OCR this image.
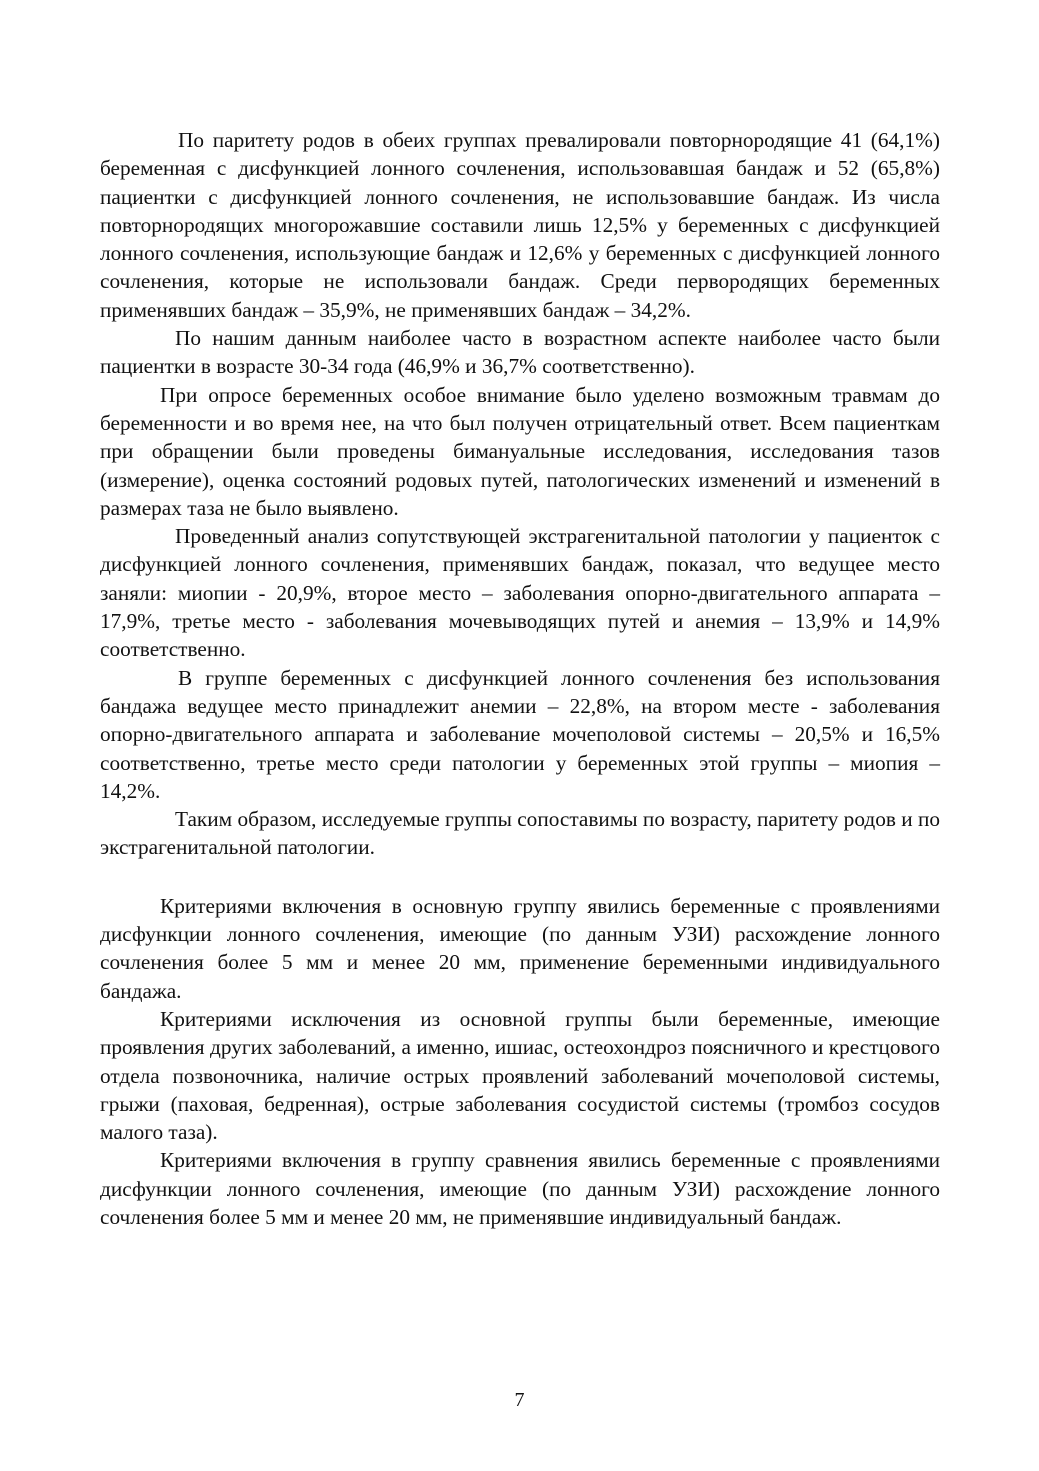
По паритету родов в обеих группах превалировали повторнородящие 41 (64,1%) беременная с дисфункцией лонного сочленения, использовавшая бандаж и 52 (65,8%) пациентки с дисфункцией лонного сочленения, не использовавшие бандаж. Из числа повторнородящих многорожавшие составили лишь 12,5% у беременных с дисфункцией лонного сочленения, использующие бандаж и 12,6% у беременных с дисфункцией лонного сочленения, которые не использовали бандаж. Среди первородящих беременных применявших бандаж – 35,9%, не применявших бандаж – 34,2%.

По нашим данным наиболее часто в возрастном аспекте наиболее часто были пациентки в возрасте 30-34 года (46,9% и 36,7% соответственно).

При опросе беременных особое внимание было уделено возможным травмам до беременности и во время нее, на что был получен отрицательный ответ. Всем пациенткам при обращении были проведены бимануальные исследования, исследования тазов (измерение), оценка состояний родовых путей, патологических изменений и изменений в размерах таза не было выявлено.

Проведенный анализ сопутствующей экстрагенитальной патологии у пациенток с дисфункцией лонного сочленения, применявших бандаж, показал, что ведущее место заняли: миопии - 20,9%, второе место – заболевания опорно-двигательного аппарата – 17,9%, третье место - заболевания мочевыводящих путей и анемия – 13,9% и 14,9% соответственно.

В группе беременных с дисфункцией лонного сочленения без использования бандажа ведущее место принадлежит анемии – 22,8%, на втором месте - заболевания опорно-двигательного аппарата и заболевание мочеполовой системы – 20,5% и 16,5% соответственно, третье место среди патологии у беременных этой группы – миопия – 14,2%.

Таким образом, исследуемые группы сопоставимы по возрасту, паритету родов и по экстрагенитальной патологии.

Критериями включения в основную группу явились беременные с проявлениями дисфункции лонного сочленения, имеющие (по данным УЗИ) расхождение лонного сочленения более 5 мм и менее 20 мм, применение беременными индивидуального бандажа.

Критериями исключения из основной группы были беременные, имеющие проявления других заболеваний, а именно, ишиас, остеохондроз поясничного и крестцового отдела позвоночника, наличие острых проявлений заболеваний мочеполовой системы, грыжи (паховая, бедренная), острые заболевания сосудистой системы (тромбоз сосудов малого таза).

Критериями включения в группу сравнения явились беременные с проявлениями дисфункции лонного сочленения, имеющие (по данным УЗИ) расхождение лонного сочленения более 5 мм и менее 20 мм, не применявшие индивидуальный бандаж.

7
